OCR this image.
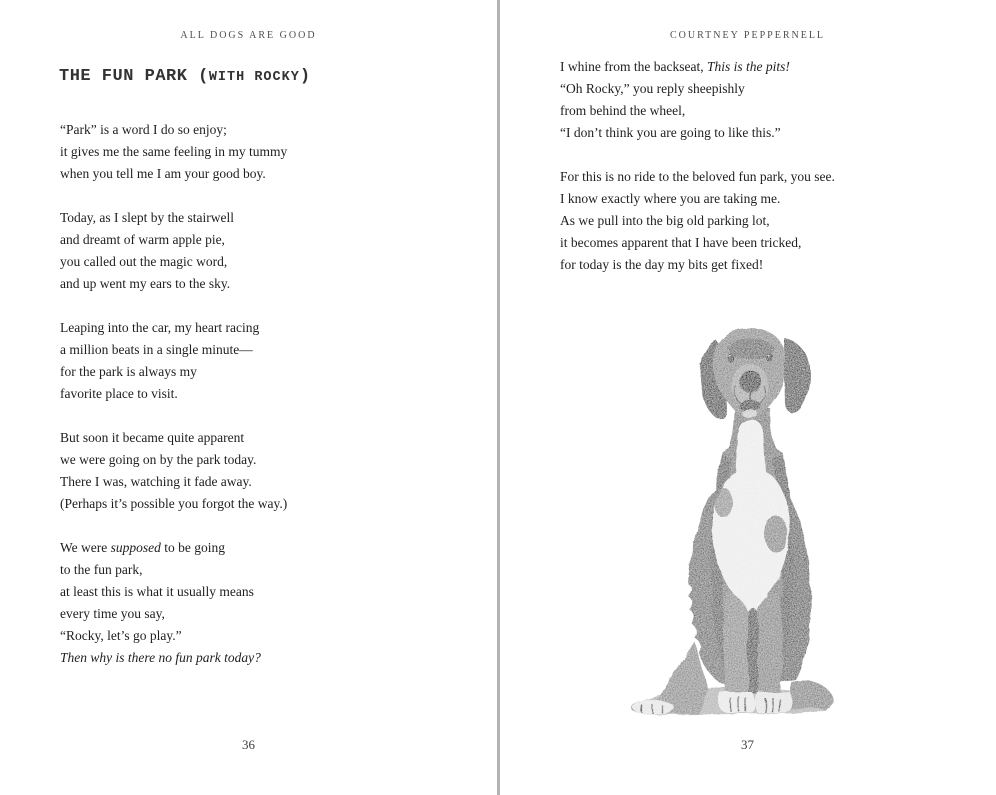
ALL DOGS ARE GOOD
THE FUN PARK (WITH ROCKY)
“Park” is a word I do so enjoy;
it gives me the same feeling in my tummy
when you tell me I am your good boy.
Today, as I slept by the stairwell
and dreamt of warm apple pie,
you called out the magic word,
and up went my ears to the sky.
Leaping into the car, my heart racing
a million beats in a single minute—
for the park is always my
favorite place to visit.
But soon it became quite apparent
we were going on by the park today.
There I was, watching it fade away.
(Perhaps it’s possible you forgot the way.)
We were supposed to be going
to the fun park,
at least this is what it usually means
every time you say,
“Rocky, let’s go play.”
Then why is there no fun park today?
36
COURTNEY PEPPERNELL
I whine from the backseat, This is the pits!
“Oh Rocky,” you reply sheepishly
from behind the wheel,
“I don’t think you are going to like this.”
For this is no ride to the beloved fun park, you see.
I know exactly where you are taking me.
As we pull into the big old parking lot,
it becomes apparent that I have been tricked,
for today is the day my bits get fixed!
37
